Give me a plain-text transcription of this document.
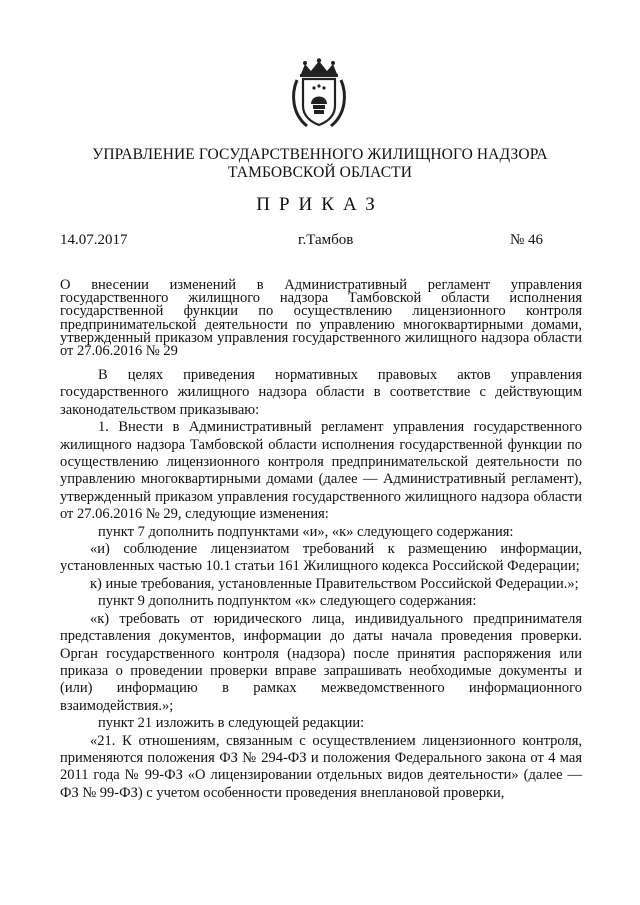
УПРАВЛЕНИЕ ГОСУДАРСТВЕННОГО ЖИЛИЩНОГО НАДЗОРА
ТАМБОВСКОЙ ОБЛАСТИ
ПРИКАЗ
14.07.2017	г.Тамбов	№ 46
О внесении изменений в Административный регламент управления государственного жилищного надзора Тамбовской области исполнения государственной функции по осуществлению лицензионного контроля предпринимательской деятельности по управлению многоквартирными домами, утвержденный приказом управления государственного жилищного надзора области от 27.06.2016 № 29

В целях приведения нормативных правовых актов управления государственного жилищного надзора области в соответствие с действующим законодательством приказываю:

1. Внести в Административный регламент управления государственного жилищного надзора Тамбовской области исполнения государственной функции по осуществлению лицензионного контроля предпринимательской деятельности по управлению многоквартирными домами (далее — Административный регламент), утвержденный приказом управления государственного жилищного надзора области от 27.06.2016 № 29, следующие изменения:

пункт 7 дополнить подпунктами «и», «к» следующего содержания:

«и) соблюдение лицензиатом требований к размещению информации, установленных частью 10.1 статьи 161 Жилищного кодекса Российской Федерации;

к) иные требования, установленные Правительством Российской Федерации.»;

пункт 9 дополнить подпунктом «к» следующего содержания:

«к) требовать от юридического лица, индивидуального предпринимателя представления документов, информации до даты начала проведения проверки. Орган государственного контроля (надзора) после принятия распоряжения или приказа о проведении проверки вправе запрашивать необходимые документы и (или) информацию в рамках межведомственного информационного взаимодействия.»;

пункт 21 изложить в следующей редакции:

«21. К отношениям, связанным с осуществлением лицензионного контроля, применяются положения ФЗ № 294-ФЗ и положения Федерального закона от 4 мая 2011 года № 99-ФЗ «О лицензировании отдельных видов деятельности» (далее — ФЗ № 99-ФЗ) с учетом особенности проведения внеплановой проверки,
